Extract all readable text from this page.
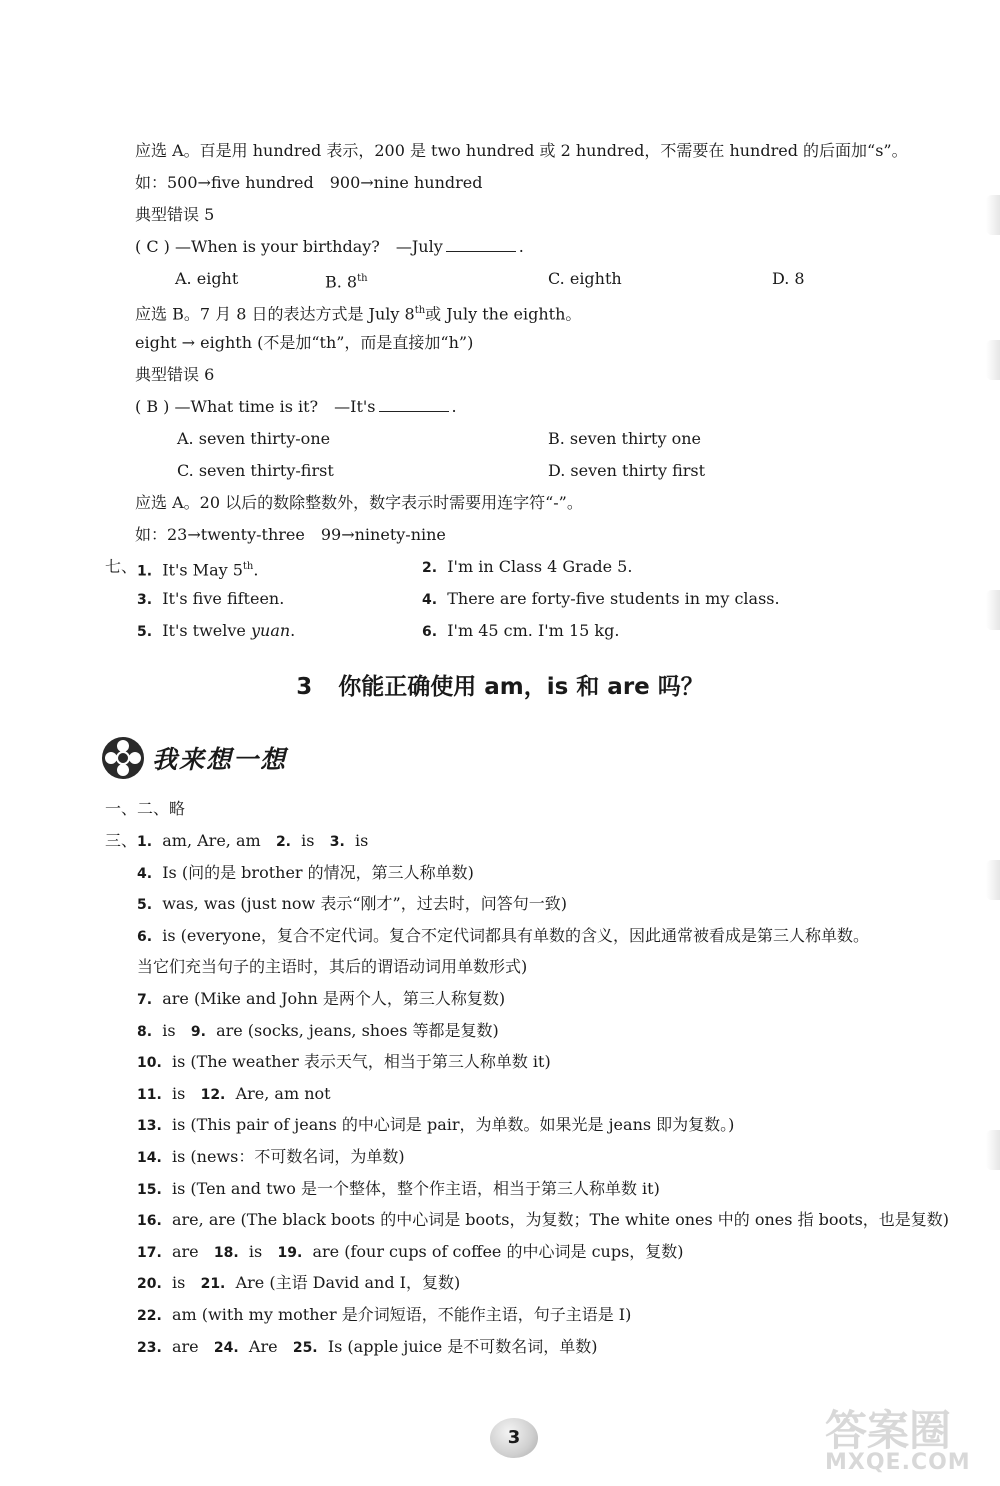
应选 A。百是用 hundred 表示，200 是 two hundred 或 2 hundred，不需要在 hundred 的后面加“s”。
如：500→five hundred　900→nine hundred
典型错误 5
( C ) —When is your birthday?　—July	.
A. eight	B. 8th	C. eighth	D. 8
应选 B。7 月 8 日的表达方式是 July 8th或 July the eighth。
eight → eighth (不是加“th”，而是直接加“h”)
典型错误 6
( B ) —What time is it?　—It's	.
A. seven thirty-one	B. seven thirty one
C. seven thirty-first	D. seven thirty first
应选 A。20 以后的数除整数外，数字表示时需要用连字符“-”。
如：23→twenty-three　99→ninety-nine
七、 1. It's May 5th.	2. I'm in Class 4 Grade 5.
3. It's five fifteen.	4. There are forty-five students in my class.
5. It's twelve yuan.	6. I'm 45 cm. I'm 15 kg.
3 你能正确使用 am，is 和 are 吗？
我来想一想
一、二、略
三、 1. am, Are, am 2. is 3. is
4. Is (问的是 brother 的情况，第三人称单数)
5. was, was (just now 表示“刚才”，过去时，问答句一致)
6. is (everyone，复合不定代词。复合不定代词都具有单数的含义，因此通常被看成是第三人称单数。
当它们充当句子的主语时，其后的谓语动词用单数形式)
7. are (Mike and John 是两个人，第三人称复数)
8. is 9. are (socks, jeans, shoes 等都是复数)
10. is (The weather 表示天气，相当于第三人称单数 it)
11. is 12. Are, am not
13. is (This pair of jeans 的中心词是 pair，为单数。如果光是 jeans 即为复数。)
14. is (news：不可数名词，为单数)
15. is (Ten and two 是一个整体，整个作主语，相当于第三人称单数 it)
16. are, are (The black boots 的中心词是 boots，为复数；The white ones 中的 ones 指 boots，也是复数)
17. are 18. is 19. are (four cups of coffee 的中心词是 cups，复数)
20. is 21. Are (主语 David and I，复数)
22. am (with my mother 是介词短语，不能作主语，句子主语是 I)
23. are 24. Are 25. Is (apple juice 是不可数名词，单数)
3	答案圈
MXQE.COM
